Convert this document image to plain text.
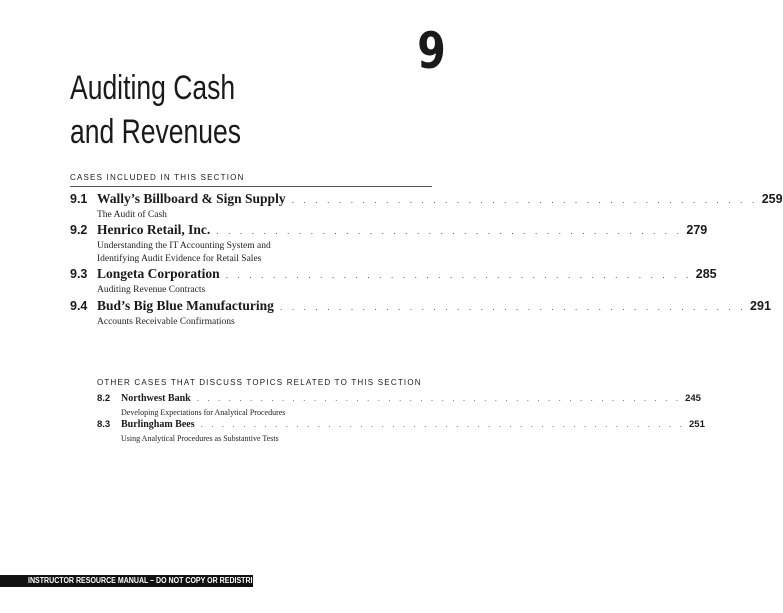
9
Auditing Cash
and Revenues
CASES INCLUDED IN THIS SECTION
9.1 Wally’s Billboard & Sign Supply . . . . . . . . . . . . . . . . . . . . . . . . . . . . . . . . . . . . . . . . 259
The Audit of Cash
9.2 Henrico Retail, Inc. . . . . . . . . . . . . . . . . . . . . . . . . . . . . . . . . . . . . . . . . 279
Understanding the IT Accounting System and
Identifying Audit Evidence for Retail Sales
9.3 Longeta Corporation . . . . . . . . . . . . . . . . . . . . . . . . . . . . . . . . . . . . . . . . 285
Auditing Revenue Contracts
9.4 Bud’s Big Blue Manufacturing . . . . . . . . . . . . . . . . . . . . . . . . . . . . . . . . . . . . . . . . 291
Accounts Receivable Confirmations
OTHER CASES THAT DISCUSS TOPICS RELATED TO THIS SECTION
8.2	Northwest Bank . . . . . . . . . . . . . . . . . . . . . . . . . . . . . . . . . . . . . . . . . . . . . . 245
Developing Expectations for Analytical Procedures
8.3	Burlingham Bees . . . . . . . . . . . . . . . . . . . . . . . . . . . . . . . . . . . . . . . . . . . . . . 251
Using Analytical Procedures as Substantive Tests
INSTRUCTOR RESOURCE MANUAL – DO NOT COPY OR REDISTRIBUTE
